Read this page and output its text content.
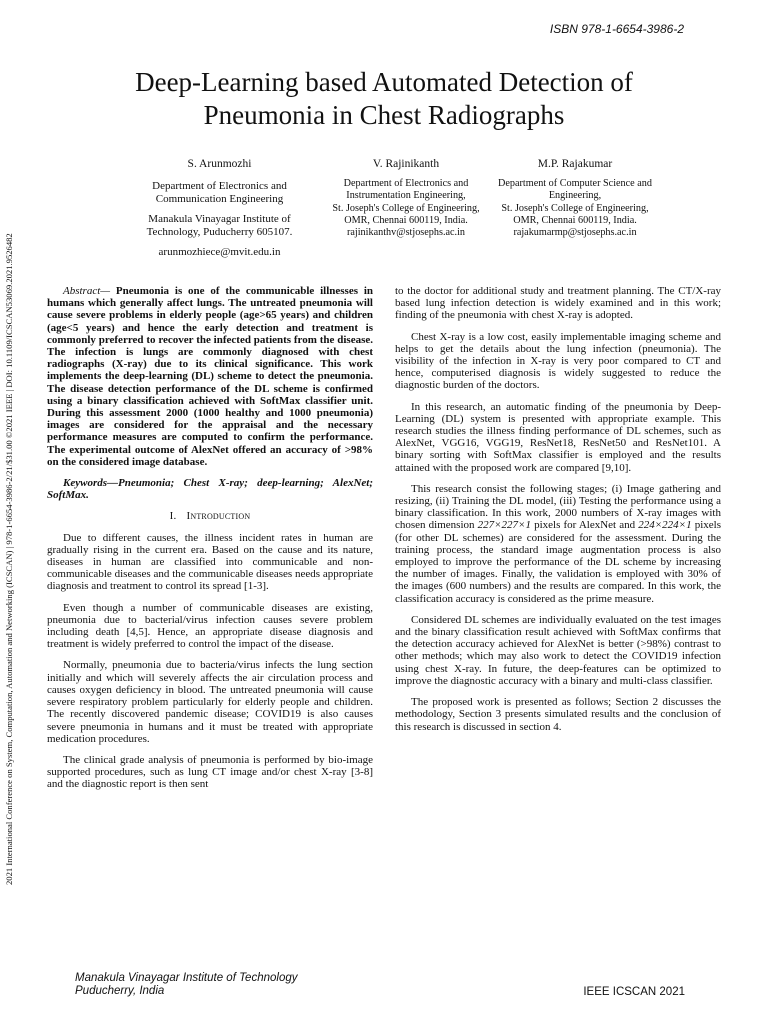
ISBN 978-1-6654-3986-2
2021 International Conference on System, Computation, Automation and Networking (ICSCAN) | 978-1-6654-3986-2/21/$31.00 ©2021 IEEE | DOI: 10.1109/ICSCAN53069.2021.9526482
Deep-Learning based Automated Detection of
Pneumonia in Chest Radiographs
S. Arunmozhi
Department of Electronics and Communication Engineering
Manakula Vinayagar Institute of Technology, Puducherry 605107.
arunmozhiece@mvit.edu.in
V. Rajinikanth
Department of Electronics and Instrumentation Engineering,
St. Joseph's College of Engineering, OMR, Chennai 600119, India.
rajinikanthv@stjosephs.ac.in
M.P. Rajakumar
Department of Computer Science and Engineering,
St. Joseph's College of Engineering, OMR, Chennai 600119, India.
rajakumarmp@stjosephs.ac.in

Abstract— Pneumonia is one of the communicable illnesses in humans which generally affect lungs. The untreated pneumonia will cause severe problems in elderly people (age>65 years) and children (age<5 years) and hence the early detection and treatment is commonly preferred to recover the infected patients from the disease. The infection is lungs are commonly diagnosed with chest radiographs (X-ray) due to its clinical significance. This work implements the deep-learning (DL) scheme to detect the pneumonia. The disease detection performance of the DL scheme is confirmed using a binary classification achieved with SoftMax classifier unit. During this assessment 2000 (1000 healthy and 1000 pneumonia) images are considered for the appraisal and the necessary performance measures are computed to confirm the performance. The experimental outcome of AlexNet offered an accuracy of >98% on the considered image database.

Keywords—Pneumonia; Chest X-ray; deep-learning; AlexNet; SoftMax.

I. Introduction

Due to different causes, the illness incident rates in human are gradually rising in the current era. Based on the cause and its nature, diseases in human are classified into communicable and non-communicable diseases and the communicable diseases needs appropriate diagnosis and treatment to control its spread [1-3].

Even though a number of communicable diseases are existing, pneumonia due to bacterial/virus infection causes severe problem including death [4,5]. Hence, an appropriate disease diagnosis and treatment is widely preferred to control the impact of the disease.

Normally, pneumonia due to bacteria/virus infects the lung section initially and which will severely affects the air circulation process and causes oxygen deficiency in blood. The untreated pneumonia will cause severe respiratory problem particularly for elderly people and children. The recently discovered pandemic disease; COVID19 is also causes severe pneumonia in humans and it must be treated with appropriate medication procedures.

The clinical grade analysis of pneumonia is performed by bio-image supported procedures, such as lung CT image and/or chest X-ray [3-8] and the diagnostic report is then sent

to the doctor for additional study and treatment planning. The CT/X-ray based lung infection detection is widely examined and in this work; finding of the pneumonia with chest X-ray is adopted.

Chest X-ray is a low cost, easily implementable imaging scheme and helps to get the details about the lung infection (pneumonia). The visibility of the infection in X-ray is very poor compared to CT and hence, computerised diagnosis is widely suggested to reduce the diagnostic burden of the doctors.

In this research, an automatic finding of the pneumonia by Deep-Learning (DL) system is presented with appropriate example. This research studies the illness finding performance of DL schemes, such as AlexNet, VGG16, VGG19, ResNet18, ResNet50 and ResNet101. A binary sorting with SoftMax classifier is employed and the results attained with the proposed work are compared [9,10].

This research consist the following stages; (i) Image gathering and resizing, (ii) Training the DL model, (iii) Testing the performance using a binary classification. In this work, 2000 numbers of X-ray images with chosen dimension 227×227×1 pixels for AlexNet and 224×224×1 pixels (for other DL schemes) are considered for the assessment. During the training process, the standard image augmentation process is also employed to improve the performance of the DL scheme by increasing the number of images. Finally, the validation is employed with 30% of the images (600 numbers) and the results are compared. In this work, the classification accuracy is considered as the prime measure.

Considered DL schemes are individually evaluated on the test images and the binary classification result achieved with SoftMax confirms that the detection accuracy achieved for AlexNet is better (>98%) contrast to other methods; which may also work to detect the COVID19 infection using chest X-ray. In future, the deep-features can be optimized to improve the diagnostic accuracy with a binary and multi-class classifier.

The proposed work is presented as follows; Section 2 discusses the methodology, Section 3 presents simulated results and the conclusion of this research is discussed in section 4.

Manakula Vinayagar Institute of Technology
Puducherry, India	IEEE ICSCAN 2021
